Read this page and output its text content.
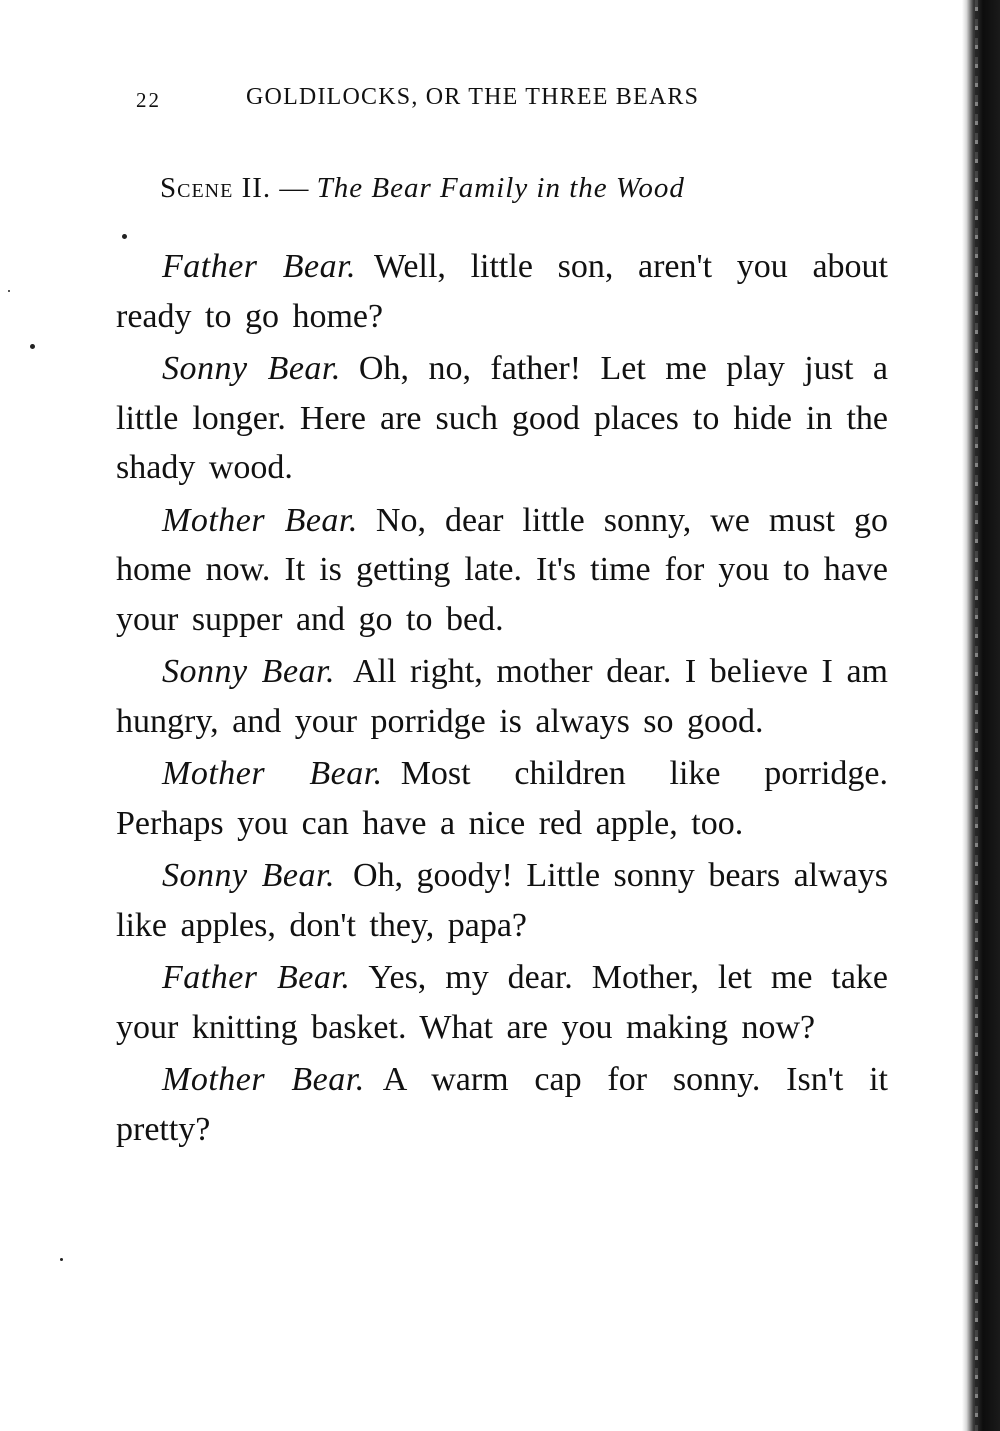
22	GOLDILOCKS, OR THE THREE BEARS
Scene II. — The Bear Family in the Wood

Father Bear. Well, little son, aren't you about ready to go home?

Sonny Bear. Oh, no, father! Let me play just a little longer. Here are such good places to hide in the shady wood.

Mother Bear. No, dear little sonny, we must go home now. It is getting late. It's time for you to have your supper and go to bed.

Sonny Bear. All right, mother dear. I believe I am hungry, and your porridge is always so good.

Mother Bear. Most children like porridge. Perhaps you can have a nice red apple, too.

Sonny Bear. Oh, goody! Little sonny bears always like apples, don't they, papa?

Father Bear. Yes, my dear. Mother, let me take your knitting basket. What are you making now?

Mother Bear. A warm cap for sonny. Isn't it pretty?
